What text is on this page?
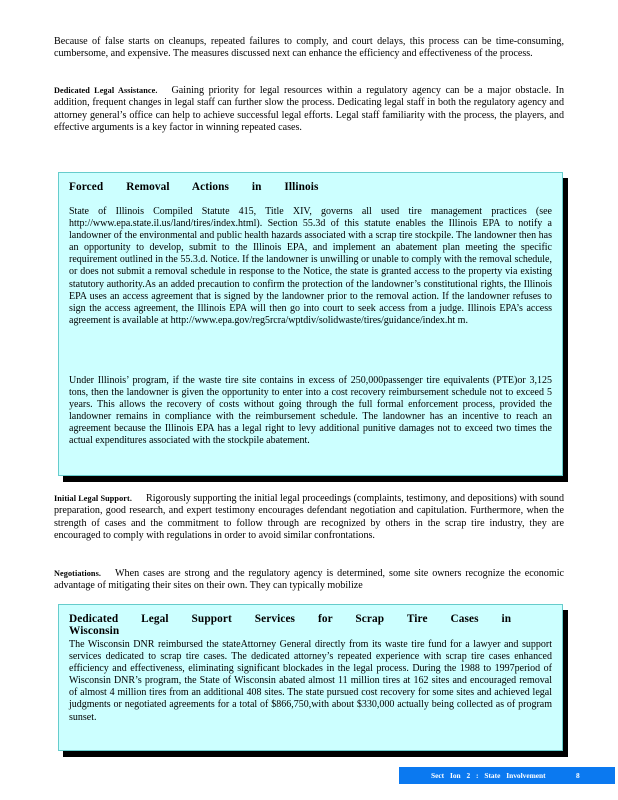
Because of false starts on cleanups, repeated failures to comply, and court delays, this process can be time-consuming, cumbersome, and expensive. The measures discussed next can enhance the efficiency and effectiveness of the process.

Dedicated Legal Assistance. Gaining priority for legal resources within a regulatory agency can be a major obstacle. In addition, frequent changes in legal staff can further slow the process. Dedicating legal staff in both the regulatory agency and attorney general’s office can help to achieve successful legal efforts. Legal staff familiarity with the process, the players, and effective arguments is a key factor in winning repeated cases.

Forced Removal Actions in Illinois

State of Illinois Compiled Statute 415, Title XIV, governs all used tire management practices (see http://www.epa.state.il.us/land/tires/index.html). Section 55.3d of this statute enables the Illinois EPA to notify a landowner of the environmental and public health hazards associated with a scrap tire stockpile. The landowner then has an opportunity to develop, submit to the Illinois EPA, and implement an abatement plan meeting the specific requirement outlined in the 55.3.d. Notice. If the landowner is unwilling or unable to comply with the removal schedule, or does not submit a removal schedule in response to the Notice, the state is granted access to the property via existing statutory authority.As an added precaution to confirm the protection of the landowner’s constitutional rights, the Illinois EPA uses an access agreement that is signed by the landowner prior to the removal action. If the landowner refuses to sign the access agreement, the Illinois EPA will then go into court to seek access from a judge. Illinois EPA’s access agreement is available at http://www.epa.gov/reg5rcra/wptdiv/solidwaste/tires/guidance/index.ht m.

Under Illinois’ program, if the waste tire site contains in excess of 250,000passenger tire equivalents (PTE)or 3,125 tons, then the landowner is given the opportunity to enter into a cost recovery reimbursement schedule not to exceed 5 years. This allows the recovery of costs without going through the full formal enforcement process, provided the landowner remains in compliance with the reimbursement schedule. The landowner has an incentive to reach an agreement because the Illinois EPA has a legal right to levy additional punitive damages not to exceed two times the actual expenditures associated with the stockpile abatement.

Initial Legal Support. Rigorously supporting the initial legal proceedings (complaints, testimony, and depositions) with sound preparation, good research, and expert testimony encourages defendant negotiation and capitulation. Furthermore, when the strength of cases and the commitment to follow through are recognized by others in the scrap tire industry, they are encouraged to comply with regulations in order to avoid similar confrontations.

Negotiations. When cases are strong and the regulatory agency is determined, some site owners recognize the economic advantage of mitigating their sites on their own. They can typically mobilize

Dedicated Legal Support Services for Scrap Tire Cases in Wisconsin

The Wisconsin DNR reimbursed the stateAttorney General directly from its waste tire fund for a lawyer and support services dedicated to scrap tire cases. The dedicated attorney’s repeated experience with scrap tire cases enhanced efficiency and effectiveness, eliminating significant blockades in the legal process. During the 1988 to 1997period of Wisconsin DNR’s program, the State of Wisconsin abated almost 11 million tires at 162 sites and encouraged removal of almost 4 million tires from an additional 408 sites. The state pursued cost recovery for some sites and achieved legal judgments or negotiated agreements for a total of $866,750,with about $330,000 actually being collected as of program sunset.

Sect Ion 2 : State Involvement	8
